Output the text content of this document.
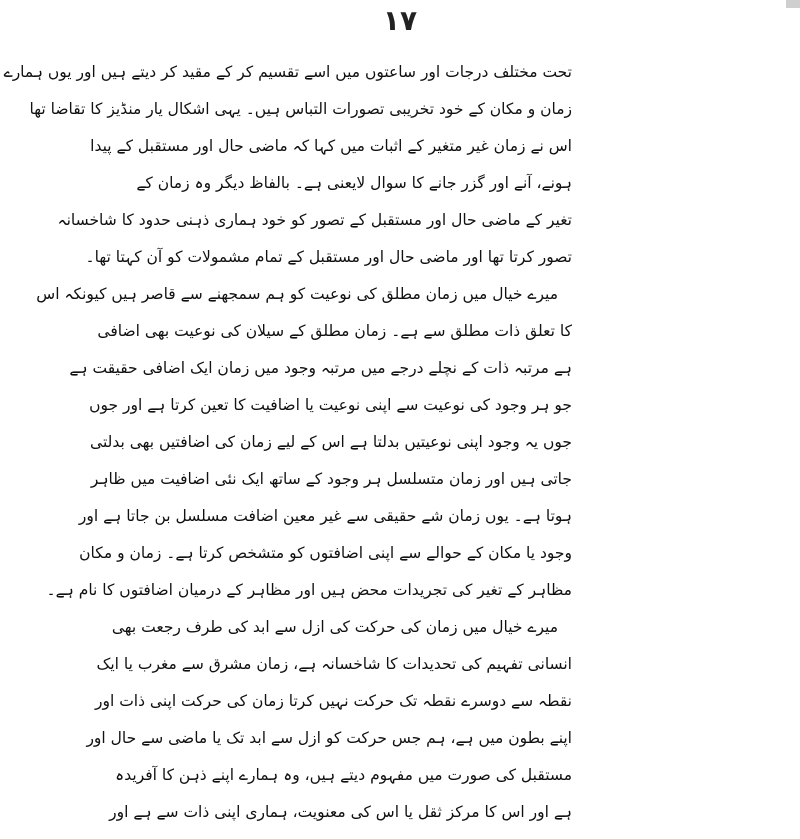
۱۷
تحت مختلف درجات اور ساعتوں میں اسے تقسیم کر کے مقید کر دیتے ہیں اور یوں ہمارے
زمان و مکان کے خود تخریبی تصورات التباس ہیں۔ یہی اشکال یار منڈیز کا تقاضا تھا
اس نے زمان غیر متغیر کے اثبات میں کہا کہ ماضی حال اور مستقبل کے پیدا
ہونے، آنے اور گزر جانے کا سوال لایعنی ہے۔ بالفاظ دیگر وہ زمان کے
تغیر کے ماضی حال اور مستقبل کے تصور کو خود ہماری ذہنی حدود کا شاخسانہ
تصور کرتا تھا اور ماضی حال اور مستقبل کے تمام مشمولات کو آن کہتا تھا۔
میرے خیال میں زمان مطلق کی نوعیت کو ہم سمجھنے سے قاصر ہیں کیونکہ اس
کا تعلق ذات مطلق سے ہے۔ زمان مطلق کے سیلان کی نوعیت بھی اضافی
ہے مرتبہ ذات کے نچلے درجے میں مرتبہ وجود میں زمان ایک اضافی حقیقت ہے
جو ہر وجود کی نوعیت سے اپنی نوعیت یا اضافیت کا تعین کرتا ہے اور جوں
جوں یہ وجود اپنی نوعیتیں بدلتا ہے اس کے لیے زمان کی اضافتیں بھی بدلتی
جاتی ہیں اور زمان متسلسل ہر وجود کے ساتھ ایک نئی اضافیت میں ظاہر
ہوتا ہے۔ یوں زمان شے حقیقی سے غیر معین اضافت مسلسل بن جاتا ہے اور
وجود یا مکان کے حوالے سے اپنی اضافتوں کو متشخص کرتا ہے۔ زمان و مکان
مظاہر کے تغیر کی تجریدات محض ہیں اور مظاہر کے درمیان اضافتوں کا نام ہے۔
میرے خیال میں زمان کی حرکت کی ازل سے ابد کی طرف رجعت بھی
انسانی تفہیم کی تحدیدات کا شاخسانہ ہے، زمان مشرق سے مغرب یا ایک
نقطہ سے دوسرے نقطہ تک حرکت نہیں کرتا زمان کی حرکت اپنی ذات اور
اپنے بطون میں ہے، ہم جس حرکت کو ازل سے ابد تک یا ماضی سے حال اور
مستقبل کی صورت میں مفہوم دیتے ہیں، وہ ہمارے اپنے ذہن کا آفریدہ
ہے اور اس کا مرکز ثقل یا اس کی معنویت، ہماری اپنی ذات سے ہے اور
